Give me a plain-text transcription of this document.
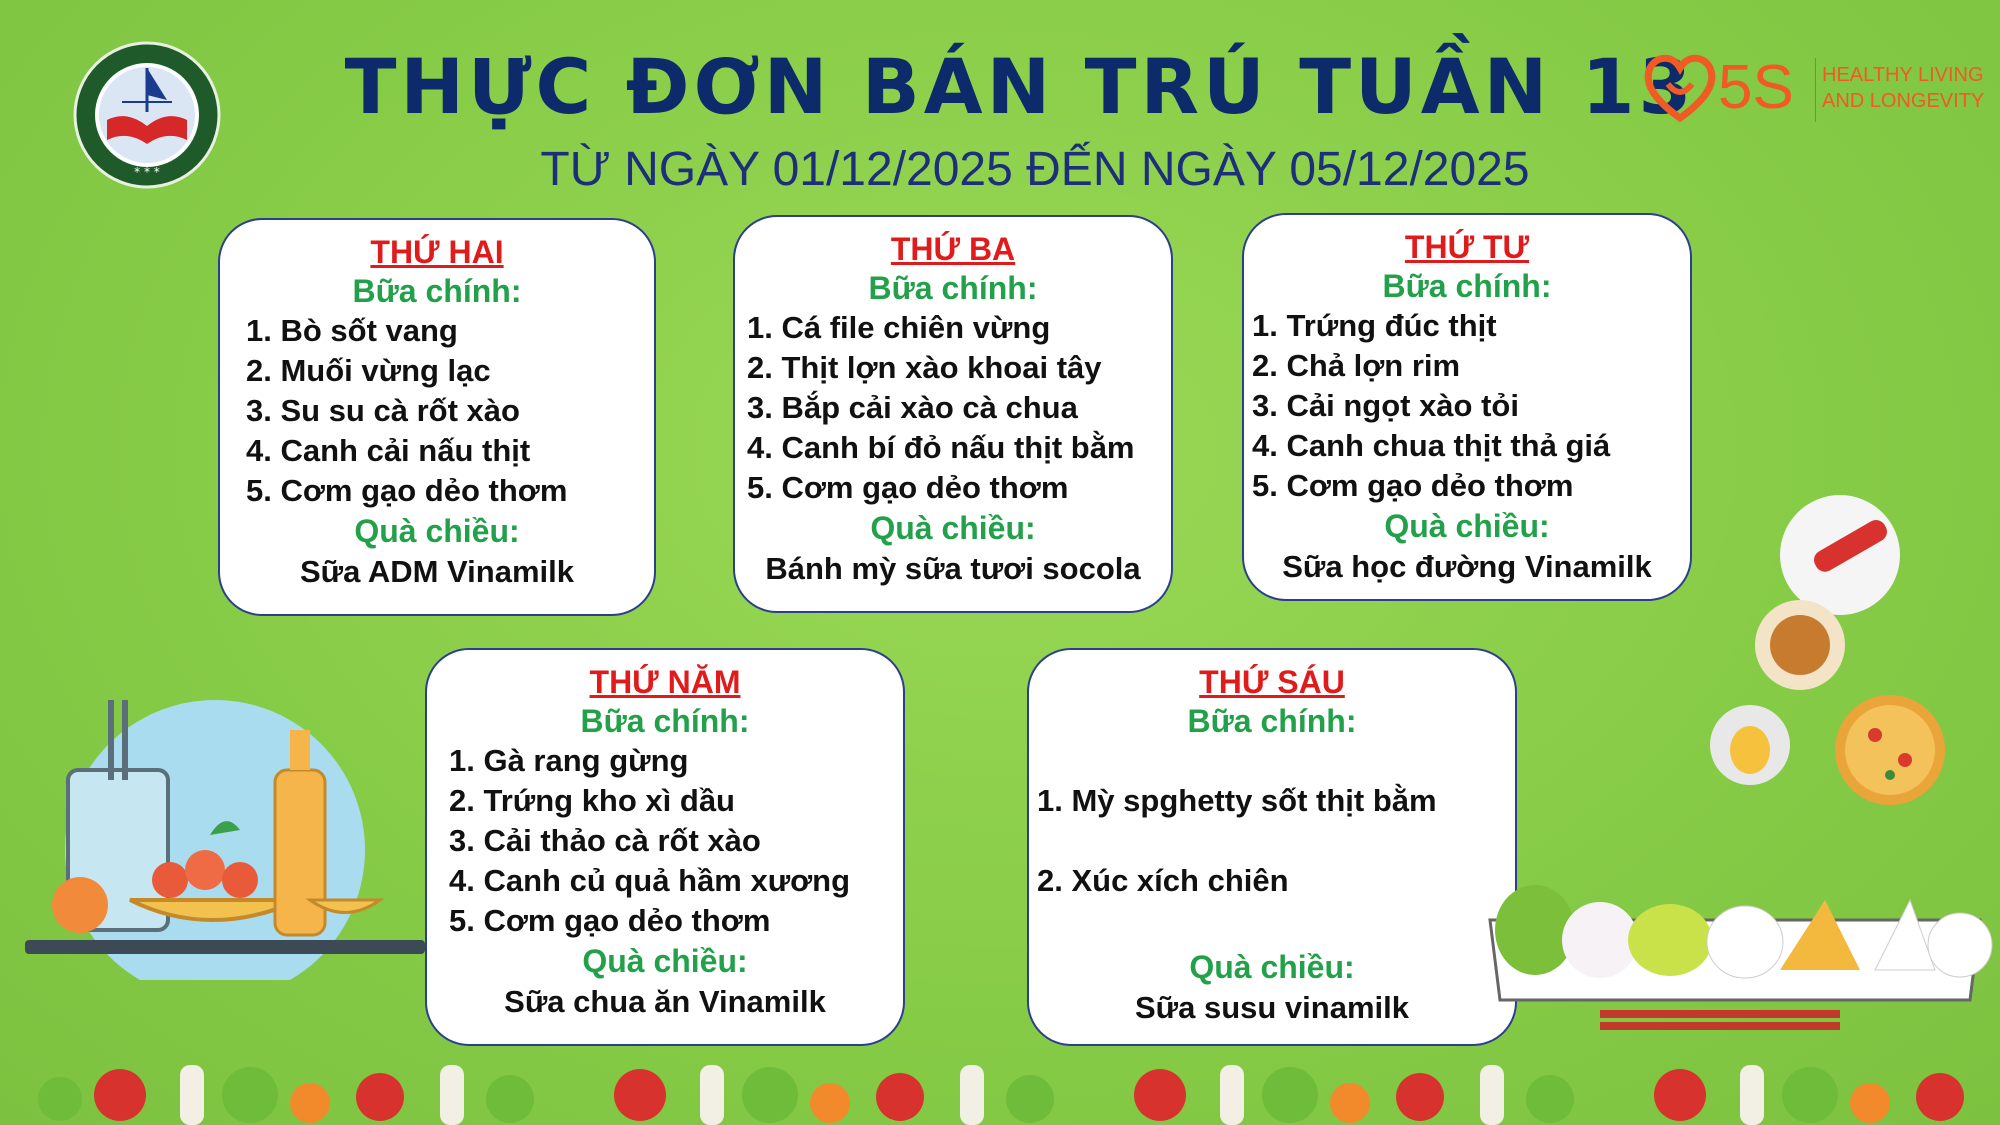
* * *
THỰC ĐƠN BÁN TRÚ TUẦN 13
TỪ NGÀY 01/12/2025 ĐẾN NGÀY 05/12/2025
5S HEALTHY LIVING
AND LONGEVITY
THỨ HAI
Bữa chính:
1. Bò sốt vang
2. Muối vừng lạc
3. Su su cà rốt xào
4. Canh cải nấu thịt
5. Cơm gạo dẻo thơm
Quà chiều:
Sữa ADM Vinamilk
THỨ BA
Bữa chính:
1. Cá file chiên vừng
2. Thịt lợn xào khoai tây
3. Bắp cải xào cà chua
4. Canh bí đỏ nấu thịt bằm
5. Cơm gạo dẻo thơm
Quà chiều:
Bánh mỳ sữa tươi socola
THỨ TƯ
Bữa chính:
1. Trứng đúc thịt
2. Chả lợn rim
3. Cải ngọt xào tỏi
4. Canh chua thịt thả giá
5. Cơm gạo dẻo thơm
Quà chiều:
Sữa học đường Vinamilk
THỨ NĂM
Bữa chính:
1. Gà rang gừng
2. Trứng kho xì dầu
3. Cải thảo cà rốt xào
4. Canh củ quả hầm xương
5. Cơm gạo dẻo thơm
Quà chiều:
Sữa chua ăn Vinamilk
THỨ SÁU
Bữa chính:
1. Mỳ spghetty sốt thịt bằm
2. Xúc xích chiên
Quà chiều:
Sữa susu vinamilk
